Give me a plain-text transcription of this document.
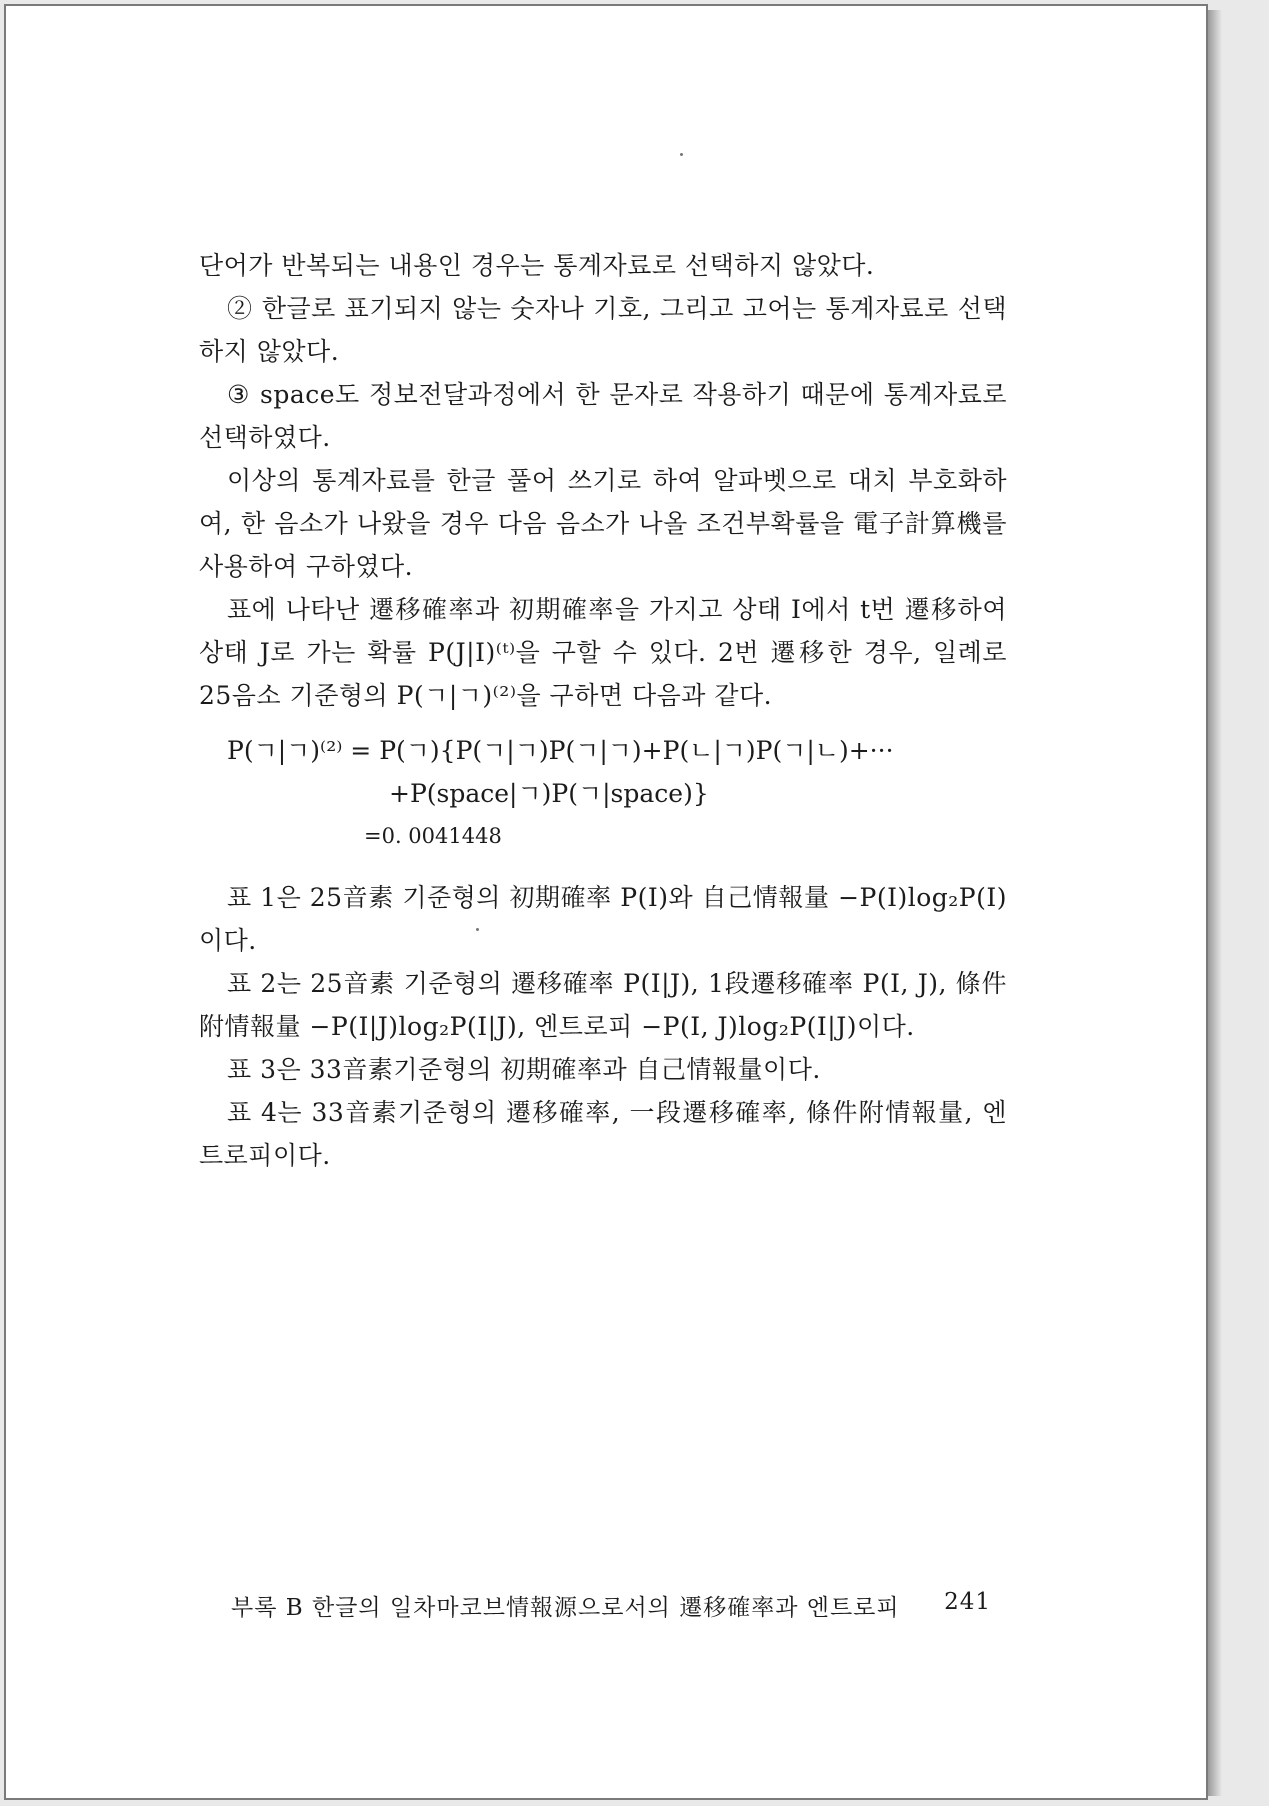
단어가 반복되는 내용인 경우는 통계자료로 선택하지 않았다.

② 한글로 표기되지 않는 숫자나 기호, 그리고 고어는 통계자료로 선택하지 않았다.

③ space도 정보전달과정에서 한 문자로 작용하기 때문에 통계자료로 선택하였다.

이상의 통계자료를 한글 풀어 쓰기로 하여 알파벳으로 대치 부호화하여, 한 음소가 나왔을 경우 다음 음소가 나올 조건부확률을 電子計算機를 사용하여 구하였다.

표에 나타난 遷移確率과 初期確率을 가지고 상태 I에서 t번 遷移하여 상태 J로 가는 확률 P(J|I)⁽ᵗ⁾을 구할 수 있다. 2번 遷移한 경우, 일례로 25음소 기준형의 P(ㄱ|ㄱ)⁽²⁾을 구하면 다음과 같다.

P(ㄱ|ㄱ)⁽²⁾ = P(ㄱ){P(ㄱ|ㄱ)P(ㄱ|ㄱ)+P(ㄴ|ㄱ)P(ㄱ|ㄴ)+···
+P(space|ㄱ)P(ㄱ|space)}
=0. 0041448

표 1은 25音素 기준형의 初期確率 P(I)와 自己情報量 −P(I)log₂P(I)이다.

표 2는 25音素 기준형의 遷移確率 P(I|J), 1段遷移確率 P(I, J), 條件附情報量 −P(I|J)log₂P(I|J), 엔트로피 −P(I, J)log₂P(I|J)이다.

표 3은 33音素기준형의 初期確率과 自己情報量이다.

표 4는 33音素기준형의 遷移確率, 一段遷移確率, 條件附情報量, 엔트로피이다.

부록 B 한글의 일차마코브情報源으로서의 遷移確率과 엔트로피 241
